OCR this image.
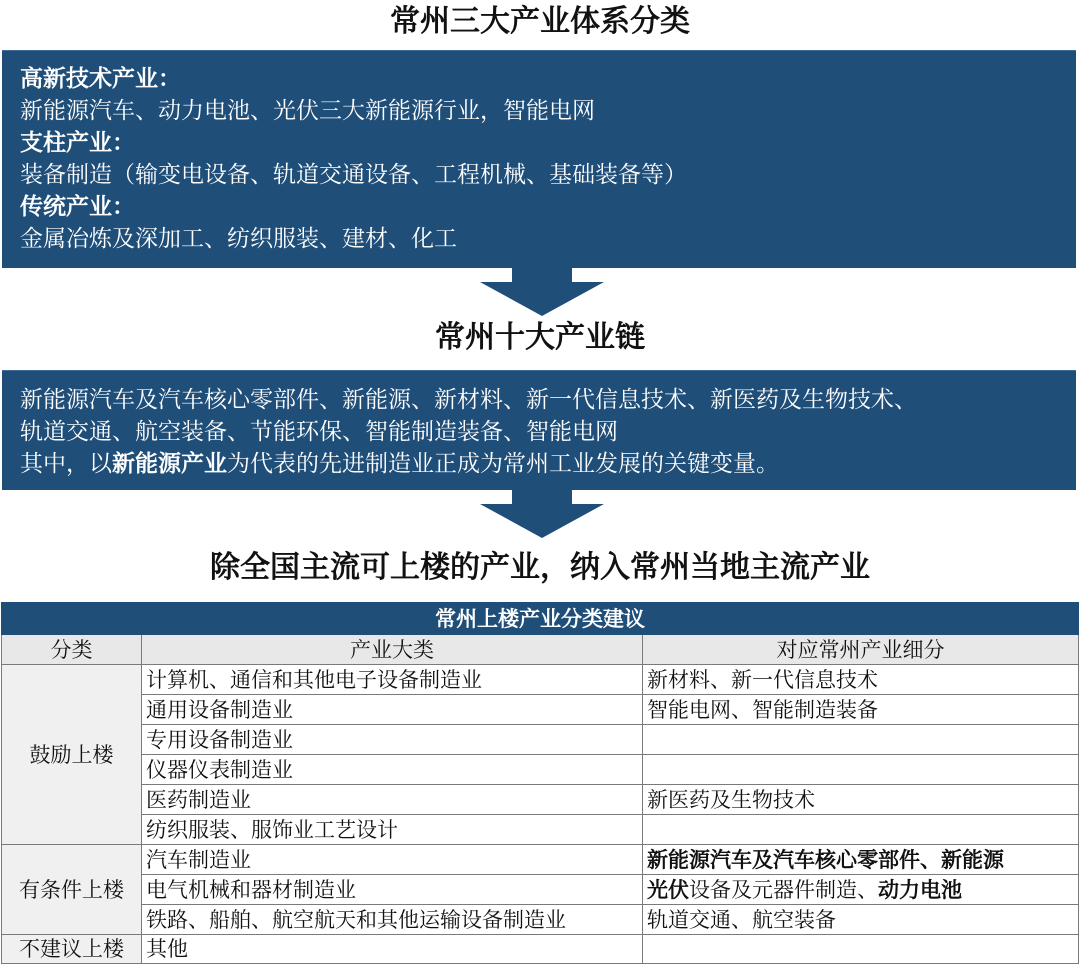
常州三大产业体系分类
高新技术产业：
新能源汽车、动力电池、光伏三大新能源行业，智能电网
支柱产业：
装备制造（输变电设备、轨道交通设备、工程机械、基础装备等）
传统产业：
金属冶炼及深加工、纺织服装、建材、化工
常州十大产业链
新能源汽车及汽车核心零部件、新能源、新材料、新一代信息技术、新医药及生物技术、
轨道交通、航空装备、节能环保、智能制造装备、智能电网
其中，以新能源产业为代表的先进制造业正成为常州工业发展的关键变量。
除全国主流可上楼的产业，纳入常州当地主流产业
常州上楼产业分类建议		
分类	产业大类	对应常州产业细分
鼓励上楼	计算机、通信和其他电子设备制造业	新材料、新一代信息技术
	通用设备制造业	智能电网、智能制造装备
	专用设备制造业	
	仪器仪表制造业	
	医药制造业	新医药及生物技术
	纺织服装、服饰业工艺设计	
有条件上楼	汽车制造业	新能源汽车及汽车核心零部件、新能源
	电气机械和器材制造业	光伏设备及元器件制造、动力电池
	铁路、船舶、航空航天和其他运输设备制造业	轨道交通、航空装备
不建议上楼	其他	
